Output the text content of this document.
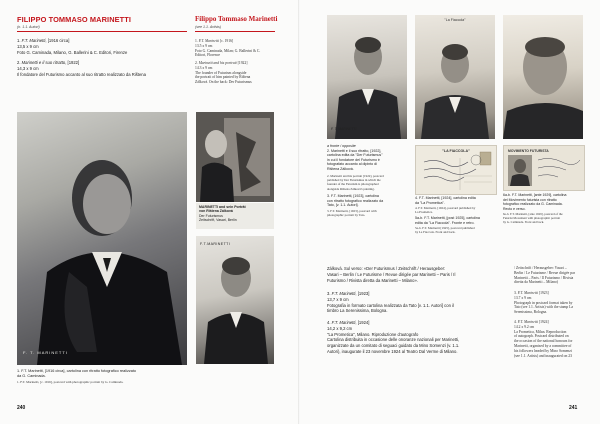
FILIPPO TOMMASO MARINETTI
(n. 1.1. Autori)
1. F.T. Marinetti, [1916 circa]
13,5 x 9 cm
Foto G. Caminada, Milano, G. Ballerini & C. Editori, Firenze
2. Marinetti e il suo ritratto, [1922]
14,3 x 9 cm
Il fondatore del Futurismo accanto al suo ritratto realizzato da Rištena
Filippo Tommaso Marinetti
(see 1.1. Artists)
1. F.T. Marinetti [c. 1916]
13.5 x 9 cm
Foto G. Caminada, Milan; G. Ballerini & C.
Editori, Florence
2. Marinetti and his portrait [1922]
14.3 x 9 cm
The founder of Futurism alongside
the portrait of him painted by Rištena
Zálková. On the back: Der Futurismus
F. T. MARINETTI
MARINETTI and sein Porträt
von Rištena Zálková
Der Futurismus
Zeitschrift, Vasari, Berlin
F.T.MARINETTI
1. F.T. Marinetti, [1916 circa], cartolina con ritratto fotografico realizzato
da G. Caminada.
1. F.T. Marinetti, [c. 1916], postcard with photographic portrait by G. Caminada.
240
F. T. MARINETTI
"La Fiaccola"
a fronte / opposite
2. Marinetti e il suo ritratto, [1922],
cartolina edita da "Der Futurismus"
in cui il fondatore del Futurismo è
fotografato accanto al dipinto di
Rištena Zálková.
2. Marinetti and his portrait [1922], postcard
published by Der Futurismus in which the
founder of the Futurism is photographed
alongside Rištena Zálková's painting.
3. F.T. Marinetti, [1923], cartolina
con ritratto fotografico realizzato da
Tato, [v. 1.1. Autori].
3. F.T. Marinetti, [1923], postcard with
photographic portrait by Tato.
4. F.T. Marinetti, [1924], cartolina edita
da "La Prometica".
4. F.T. Marinetti, [1924], postcard published by
La Prometica.
5a-b. F.T. Marinetti, [post 1925], cartolina
edita da "La Fiaccola". Fronte e retro.
5a-b. F.T. Marinetti [1925], postcard published
by La Fiaccola. Front and back.
"LA FIACCOLA"	MOVIMENTO FUTURISTA
6a-b. F.T. Marinetti, [ante 1929], cartolina
del Movimento futurista con ritratto
fotografico realizzato da G. Caminada.
Recto e verso.
6a-b. F.T. Marinetti, [ante 1929], postcard of the
Futurist Movement with photographic portrait
by G. Caminada. Front and back.
Zálková. Sul verso: «Der Futurismus / Zeitschrift / Herausgeber:
Vasari – Berlin / Le Futurisme / Revue dirigée par Marinetti – Paris / Il
Futurismo / Rivista diretta da Marinetti – Milano».
3. F.T. Marinetti, [1923]
13,7 x 9 cm
Fotografia in formato cartolina realizzata da Tato [v. 1.1. Autori] con il
timbro La Serenissima, Bologna.
4. F.T. Marinetti, [1924]
14,2 x 9,2 cm
"La Prometica", Milano. Riproduzione d'autografo
Cartolina distribuita in occasione delle onoranze nazionali per Marinetti,
organizzate da un comitato di seguaci guidato da Mino Somenzi (v. 1.1.
Autori), inaugurate il 23 novembre 1924 al Teatro Dal Verme di Milano.
/ Zeitschrift / Herausgeber: Vasari –
Berlin / Le Futurisme / Revue dirigée par
Marinetti – Paris / Il Futurismo / Rivista
diretta da Marinetti – Milano)
3. F.T. Marinetti [1923]
13.7 x 9 cm
Photograph in postcard format taken by
Tato (see 1.1. Artists) with the stamp La
Serenissima, Bologna.
4. F.T. Marinetti [1924]
14.2 x 9.2 cm
La Prometica, Milan. Reproduction
of autograph. Postcard distributed on
the occasion of the national honours for
Marinetti, organised by a committee of
his followers headed by Mino Somenzi
(see 1.1. Artists) and inaugurated on 23
241
